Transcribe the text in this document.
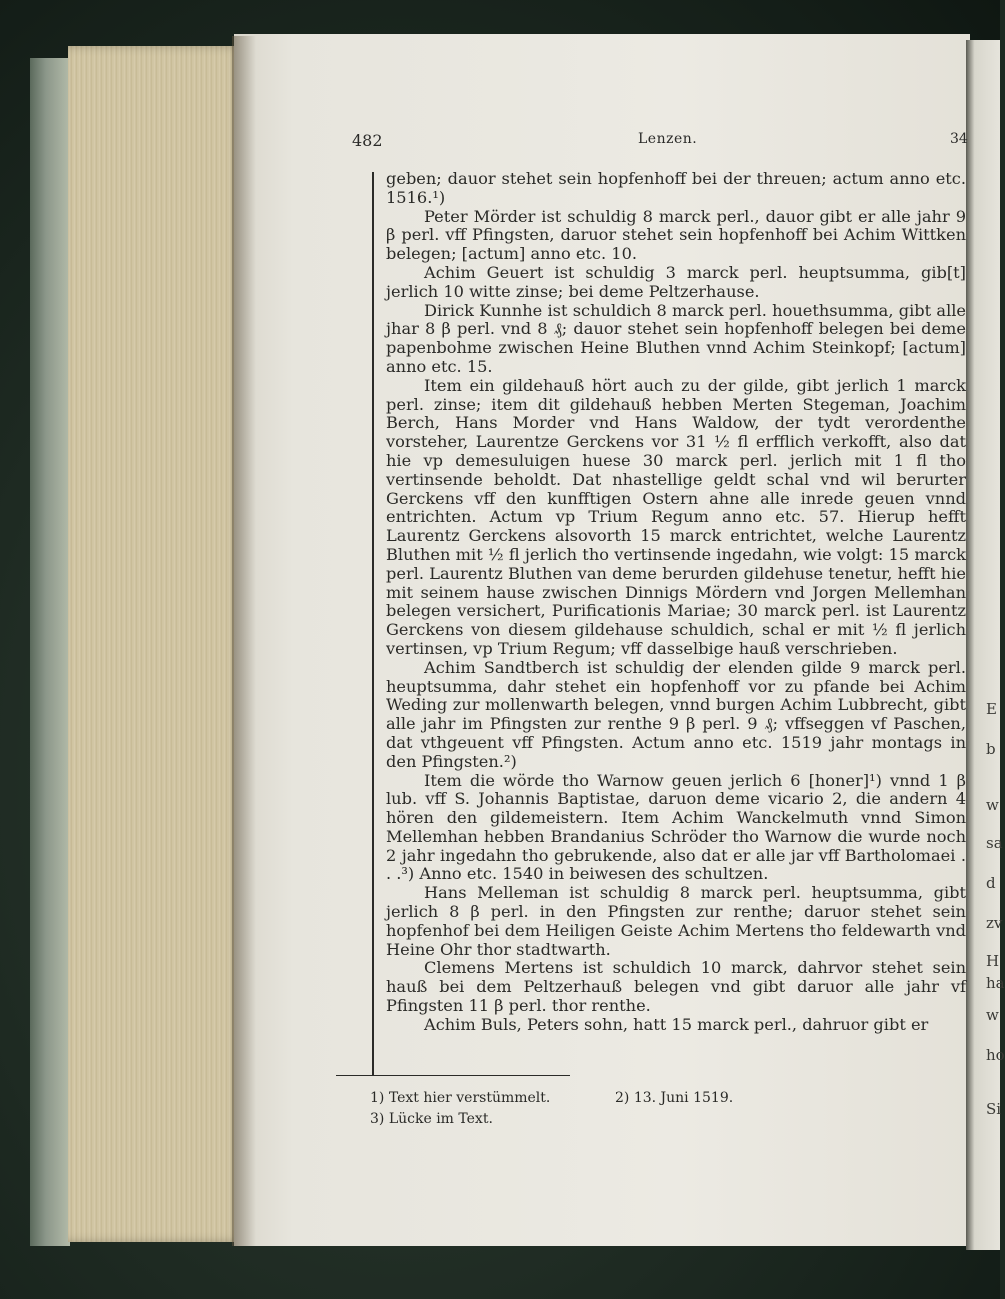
E
b
w
sa
d
zv
H
ha
w
ho
Si
482	Lenzen.	34

geben; dauor stehet sein hopfenhoff bei der threuen; actum anno etc. 1516.¹)

Peter Mörder ist schuldig 8 marck perl., dauor gibt er alle jahr 9 β perl. vff Pfingsten, daruor stehet sein hopfenhoff bei Achim Wittken belegen; [actum] anno etc. 10.

Achim Geuert ist schuldig 3 marck perl. heuptsumma, gib[t] jerlich 10 witte zinse; bei deme Peltzerhause.

Dirick Kunnhe ist schuldich 8 marck perl. houethsumma, gibt alle jhar 8 β perl. vnd 8 ₰; dauor stehet sein hopfenhoff belegen bei deme papenbohme zwischen Heine Bluthen vnnd Achim Steinkopf; [actum] anno etc. 15.

Item ein gildehauß hört auch zu der gilde, gibt jerlich 1 marck perl. zinse; item dit gildehauß hebben Merten Stegeman, Joachim Berch, Hans Morder vnd Hans Waldow, der tydt verordenthe vorsteher, Laurentze Gerckens vor 31 ½ fl erfflich verkofft, also dat hie vp demesuluigen huese 30 marck perl. jerlich mit 1 fl tho vertinsende beholdt. Dat nhastellige geldt schal vnd wil berurter Gerckens vff den kunfftigen Ostern ahne alle inrede geuen vnnd entrichten. Actum vp Trium Regum anno etc. 57. Hierup hefft Laurentz Gerckens alsovorth 15 marck entrichtet, welche Laurentz Bluthen mit ½ fl jerlich tho vertinsende ingedahn, wie volgt: 15 marck perl. Laurentz Bluthen van deme berurden gildehuse tenetur, hefft hie mit seinem hause zwischen Dinnigs Mördern vnd Jorgen Mellemhan belegen versichert, Purificationis Mariae; 30 marck perl. ist Laurentz Gerckens von diesem gildehause schuldich, schal er mit ½ fl jerlich vertinsen, vp Trium Regum; vff dasselbige hauß verschrieben.

Achim Sandtberch ist schuldig der elenden gilde 9 marck perl. heuptsumma, dahr stehet ein hopfenhoff vor zu pfande bei Achim Weding zur mollenwarth belegen, vnnd burgen Achim Lubbrecht, gibt alle jahr im Pfingsten zur renthe 9 β perl. 9 ₰; vffseggen vf Paschen, dat vthgeuent vff Pfingsten. Actum anno etc. 1519 jahr montags in den Pfingsten.²)

Item die wörde tho Warnow geuen jerlich 6 [honer]¹) vnnd 1 β lub. vff S. Johannis Baptistae, daruon deme vicario 2, die andern 4 hören den gildemeistern. Item Achim Wanckelmuth vnnd Simon Mellemhan hebben Brandanius Schröder tho Warnow die wurde noch 2 jahr ingedahn tho gebrukende, also dat er alle jar vff Bartholomaei . . .³) Anno etc. 1540 in beiwesen des schultzen.

Hans Melleman ist schuldig 8 marck perl. heuptsumma, gibt jerlich 8 β perl. in den Pfingsten zur renthe; daruor stehet sein hopfenhof bei dem Heiligen Geiste Achim Mertens tho feldewarth vnd Heine Ohr thor stadtwarth.

Clemens Mertens ist schuldich 10 marck, dahrvor stehet sein hauß bei dem Peltzerhauß belegen vnd gibt daruor alle jahr vf Pfingsten 11 β perl. thor renthe.

Achim Buls, Peters sohn, hatt 15 marck perl., dahruor gibt er

1) Text hier verstümmelt.	2) 13. Juni 1519.
3) Lücke im Text.
